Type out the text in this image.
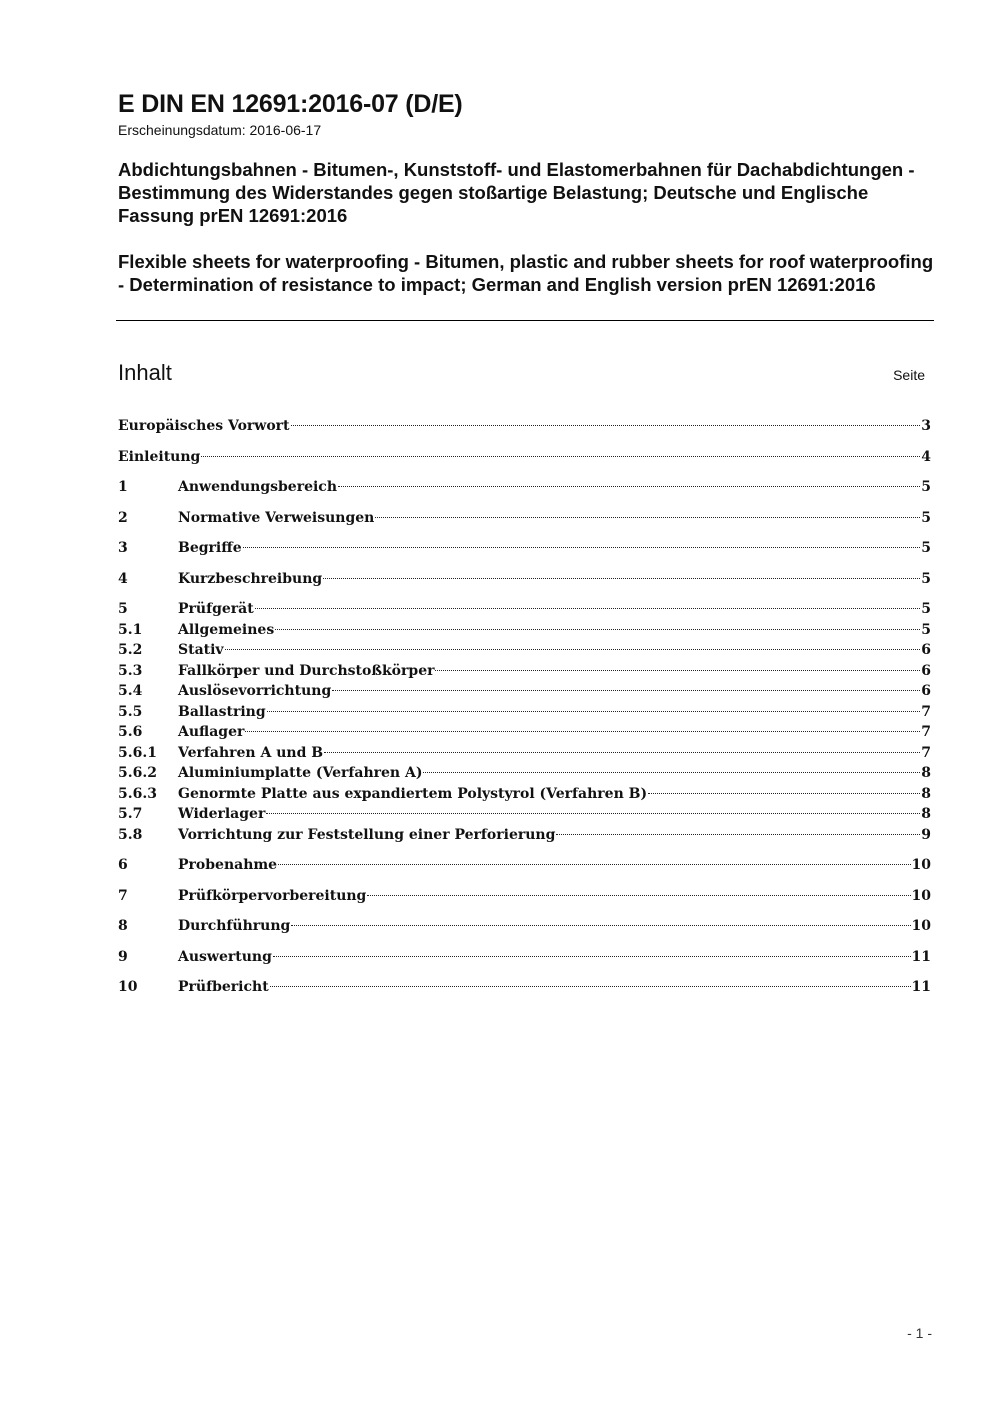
E DIN EN 12691:2016-07 (D/E)
Erscheinungsdatum: 2016-06-17
Abdichtungsbahnen - Bitumen-, Kunststoff- und Elastomerbahnen für Dachabdichtungen - Bestimmung des Widerstandes gegen stoßartige Belastung; Deutsche und Englische Fassung prEN 12691:2016
Flexible sheets for waterproofing - Bitumen, plastic and rubber sheets for roof waterproofing - Determination of resistance to impact; German and English version prEN 12691:2016
Inhalt	Seite
Europäisches Vorwort	3
Einleitung	4
1	Anwendungsbereich	5
2	Normative Verweisungen	5
3	Begriffe	5
4	Kurzbeschreibung	5
5	Prüfgerät	5
5.1	Allgemeines	5
5.2	Stativ	6
5.3	Fallkörper und Durchstoßkörper	6
5.4	Auslösevorrichtung	6
5.5	Ballastring	7
5.6	Auflager	7
5.6.1	Verfahren A und B	7
5.6.2	Aluminiumplatte (Verfahren A)	8
5.6.3	Genormte Platte aus expandiertem Polystyrol (Verfahren B)	8
5.7	Widerlager	8
5.8	Vorrichtung zur Feststellung einer Perforierung	9
6	Probenahme	10
7	Prüfkörpervorbereitung	10
8	Durchführung	10
9	Auswertung	11
10	Prüfbericht	11
- 1 -
